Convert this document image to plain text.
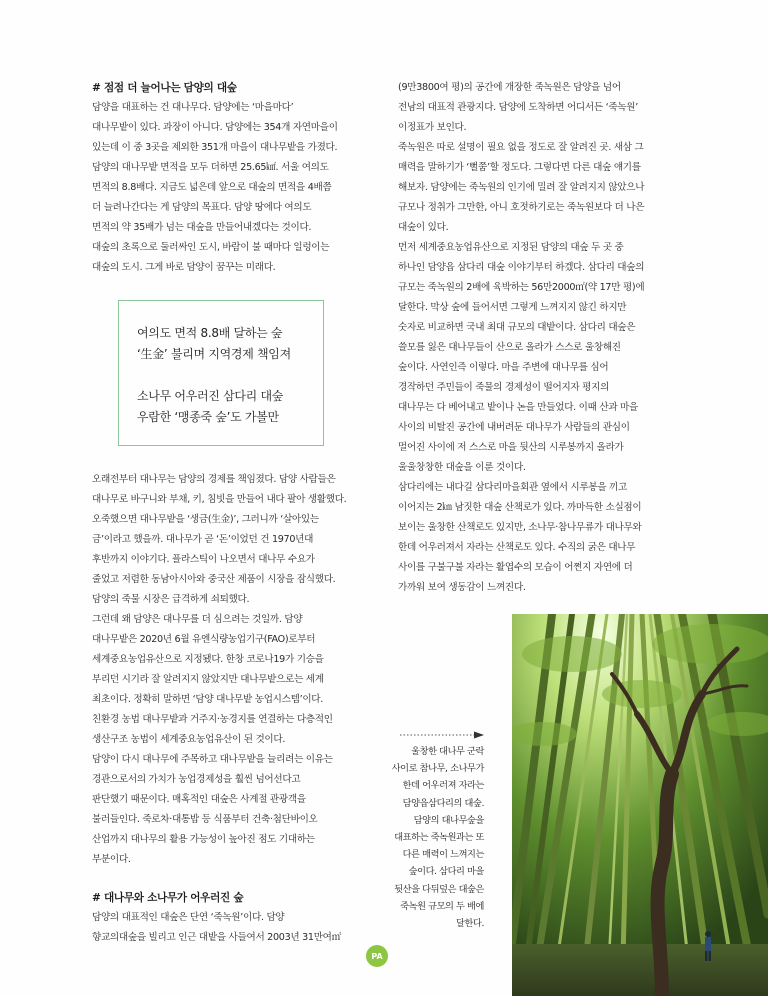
# 점점 더 늘어나는 담양의 대숲

담양을 대표하는 건 대나무다. 담양에는 ‘마을마다’

대나무밭이 있다. 과장이 아니다. 담양에는 354개 자연마을이

있는데 이 중 3곳을 제외한 351개 마을이 대나무밭을 가졌다.

담양의 대나무밭 면적을 모두 더하면 25.65㎢. 서울 여의도

면적의 8.8배다. 지금도 넓은데 앞으로 대숲의 면적을 4배쯤

더 늘려나간다는 게 담양의 목표다. 담양 땅에다 여의도

면적의 약 35배가 넘는 대숲을 만들어내겠다는 것이다.

대숲의 초록으로 둘러싸인 도시, 바람이 불 때마다 일렁이는

대숲의 도시. 그게 바로 담양이 꿈꾸는 미래다.

여의도 면적 8.8배 달하는 숲

‘生金’ 불리며 지역경제 책임져

소나무 어우러진 삼다리 대숲

우람한 ‘맹종죽 숲’도 가볼만

오래전부터 대나무는 담양의 경제를 책임졌다. 담양 사람들은

대나무로 바구니와 부채, 키, 침빗을 만들어 내다 팔아 생활했다.

오죽했으면 대나무밭을 ‘생금(生金)’, 그러니까 ‘살아있는

금’이라고 했을까. 대나무가 곧 ‘돈’이었던 건 1970년대

후반까지 이야기다. 플라스틱이 나오면서 대나무 수요가

줄었고 저렴한 동남아시아와 중국산 제품이 시장을 잠식했다.

담양의 죽물 시장은 급격하게 쇠퇴했다.

그런데 왜 담양은 대나무를 더 심으려는 것일까. 담양

대나무밭은 2020년 6월 유엔식량농업기구(FAO)로부터

세계중요농업유산으로 지정됐다. 한창 코로나19가 기승을

부리던 시기라 잘 알려지지 않았지만 대나무밭으로는 세계

최초이다. 정확히 말하면 ‘담양 대나무밭 농업시스템’이다.

친환경 농법 대나무밭과 거주지·농경지를 연결하는 다층적인

생산구조 농법이 세계중요농업유산이 된 것이다.

담양이 다시 대나무에 주목하고 대나무밭을 늘리려는 이유는

경관으로서의 가치가 농업경제성을 훨씬 넘어선다고

판단했기 때문이다. 매혹적인 대숲은 사계절 관광객을

불러들인다. 죽로차·대통밥 등 식품부터 건축·첨단바이오

산업까지 대나무의 활용 가능성이 높아진 점도 기대하는

부분이다.

# 대나무와 소나무가 어우러진 숲

담양의 대표적인 대숲은 단연 ‘죽녹원’이다. 담양

향교의대숲을 빌리고 인근 대밭을 사들여서 2003년 31만여㎡

(9만3800여 평)의 공간에 개장한 죽녹원은 담양을 넘어

전남의 대표적 관광지다. 담양에 도착하면 어디서든 ‘죽녹원’

이정표가 보인다.

죽녹원은 따로 설명이 필요 없을 정도로 잘 알려진 곳. 새삼 그

매력을 말하기가 ‘뻘쭘’할 정도다. 그렇다면 다른 대숲 얘기를

해보자. 담양에는 죽녹원의 인기에 밀려 잘 알려지지 않았으나

규모나 정취가 그만한, 아니 호젓하기로는 죽녹원보다 더 나은

대숲이 있다.

먼저 세계중요농업유산으로 지정된 담양의 대숲 두 곳 중

하나인 담양읍 삼다리 대숲 이야기부터 하겠다. 삼다리 대숲의

규모는 죽녹원의 2배에 육박하는 56만2000㎡(약 17만 평)에

달한다. 막상 숲에 들어서면 그렇게 느껴지지 않긴 하지만

숫자로 비교하면 국내 최대 규모의 대밭이다. 삼다리 대숲은

쓸모를 잃은 대나무들이 산으로 올라가 스스로 울창해진

숲이다. 사연인즉 이렇다. 마을 주변에 대나무를 심어

경작하던 주민들이 죽물의 경제성이 떨어지자 평지의

대나무는 다 베어내고 밭이나 논을 만들었다. 이때 산과 마을

사이의 비탈진 공간에 내버려둔 대나무가 사람들의 관심이

멀어진 사이에 저 스스로 마을 뒷산의 시루봉까지 올라가

울울창창한 대숲을 이룬 것이다.

삼다리에는 내다길 삼다리마을회관 옆에서 시루봉을 끼고

이어지는 2㎞ 남짓한 대숲 산책로가 있다. 까마득한 소실점이

보이는 울창한 산책로도 있지만, 소나무·참나무류가 대나무와

한데 어우러져서 자라는 산책로도 있다. 수직의 굵은 대나무

사이를 구불구불 자라는 활엽수의 모습이 어쩐지 자연에 더

가까워 보여 생동감이 느껴진다.

울창한 대나무 군락

사이로 참나무, 소나무가

한데 어우러져 자라는

담양읍삼다리의 대숲.

담양의 대나무숲을

대표하는 죽녹원과는 또

다른 매력이 느껴지는

숲이다. 삼다리 마을

뒷산을 다뒤덮은 대숲은

죽녹원 규모의 두 배에

달한다.

PA
